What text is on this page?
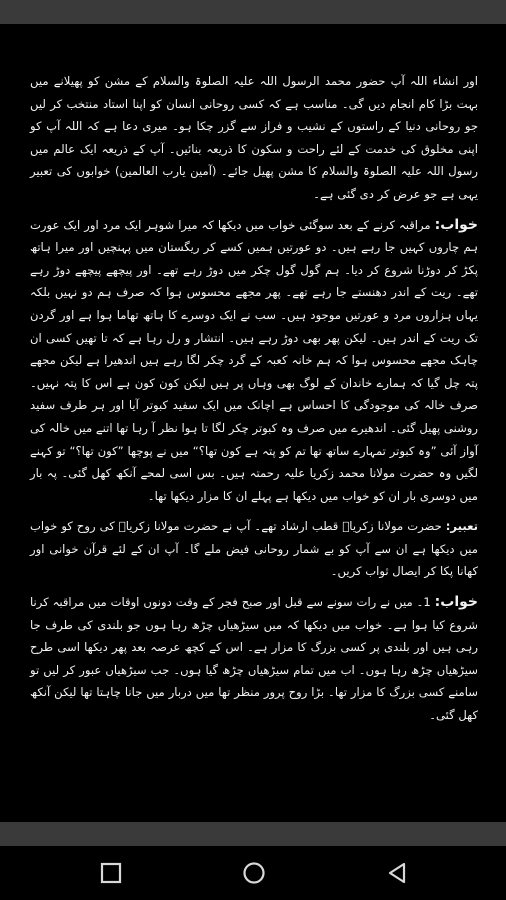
اور انشاء اللہ آپ حضور محمد الرسول اللہ علیہ الصلوۃ والسلام کے مشن کو پھیلانے میں بہت بڑا کام انجام دیں گی۔ مناسب ہے کہ کسی روحانی انسان کو اپنا استاد منتخب کر لیں جو روحانی دنیا کے راستوں کے نشیب و فراز سے گزر چکا ہو۔ میری دعا ہے کہ اللہ آپ کو اپنی مخلوق کی خدمت کے لئے راحت و سکون کا ذریعہ بنائیں۔ آپ کے ذریعہ ایک عالم میں رسول اللہ علیہ الصلوۃ والسلام کا مشن پھیل جائے۔ (آمین یارب العالمین) خوابوں کی تعبیر یہی ہے جو عرض کر دی گئی ہے۔

خواب: مراقبہ کرنے کے بعد سوگئی خواب میں دیکھا کہ میرا شوہر ایک مرد اور ایک عورت ہم چاروں کہیں جا رہے ہیں۔ دو عورتیں ہمیں کسے کر ریگستان میں پہنچیں اور میرا ہاتھ پکڑ کر دوڑنا شروع کر دیا۔ ہم گول گول چکر میں دوڑ رہے تھے۔ اور پیچھے پیچھے دوڑ رہے تھے۔ ریت کے اندر دھنستے جا رہے تھے۔ پھر مجھے محسوس ہوا کہ صرف ہم دو نہیں بلکہ یہاں ہزاروں مرد و عورتیں موجود ہیں۔ سب نے ایک دوسرے کا ہاتھ تھاما ہوا ہے اور گردن تک ریت کے اندر ہیں۔ لیکن پھر بھی دوڑ رہے ہیں۔ انتشار و رل رہا ہے کہ تا تھیں کسی ان چاہک مجھے محسوس ہوا کہ ہم خانہ کعبہ کے گرد چکر لگا رہے ہیں اندھیرا ہے لیکن مجھے پتہ چل گیا کہ ہمارے خاندان کے لوگ بھی وہاں پر ہیں لیکن کون کون ہے اس کا پتہ نہیں۔ صرف خالہ کی موجودگی کا احساس ہے اچانک میں ایک سفید کبوتر آیا اور ہر طرف سفید روشنی پھیل گئی۔ اندھیرے میں صرف وہ کبوتر چکر لگا تا ہوا نظر آ رہا تھا اتنے میں خالہ کی آواز آئی ”وہ کبوتر تمہارے ساتھ تھا تم کو پتہ ہے کون تھا؟“ میں نے پوچھا ”کون تھا؟“ تو کہنے لگیں وہ حضرت مولانا محمد زکریا علیہ رحمتہ ہیں۔ بس اسی لمحے آنکھ کھل گئی۔ پہ بار میں دوسری بار ان کو خواب میں دیکھا ہے پہلے ان کا مزار دیکھا تھا۔

تعبیر: حضرت مولانا زکریاؒ قطب ارشاد تھے۔ آپ نے حضرت مولانا زکریاؒ کی روح کو خواب میں دیکھا ہے ان سے آپ کو بے شمار روحانی فیض ملے گا۔ آپ ان کے لئے قرآن خوانی اور کھانا پکا کر ایصال ثواب کریں۔

خواب: 1۔ میں نے رات سونے سے قبل اور صبح فجر کے وقت دونوں اوقات میں مراقبہ کرنا شروع کیا ہوا ہے۔ خواب میں دیکھا کہ میں سیڑھیاں چڑھ رہا ہوں جو بلندی کی طرف جا رہی ہیں اور بلندی پر کسی بزرگ کا مزار ہے۔ اس کے کچھ عرصہ بعد پھر دیکھا اسی طرح سیڑھیاں چڑھ رہا ہوں۔ اب میں تمام سیڑھیاں چڑھ گیا ہوں۔ جب سیڑھیاں عبور کر لیں تو سامنے کسی بزرگ کا مزار تھا۔ بڑا روح پرور منظر تھا میں دربار میں جانا چاہتا تھا لیکن آنکھ کھل گئی۔
